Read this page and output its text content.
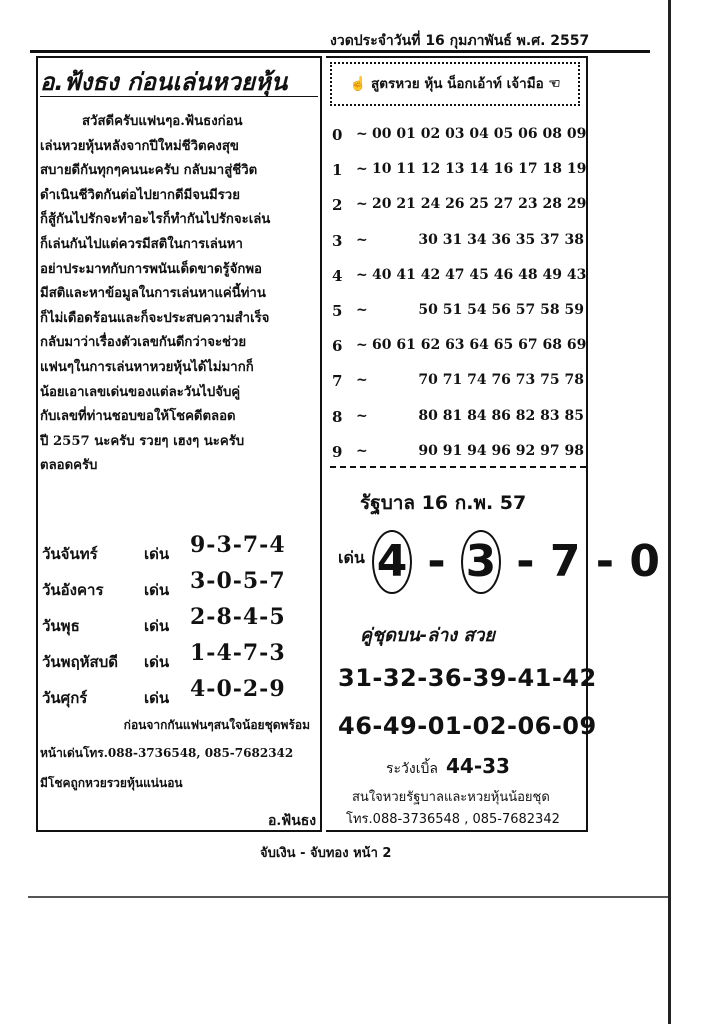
งวดประจำวันที่ 16 กุมภาพันธ์ พ.ศ. 2557
อ.ฟ้งธง ก่อนเล่นหวยหุ้น
สวัสดีครับแฟนๆอ.ฟ้นธงก่อน
เล่นหวยหุ้นหลังจากปีใหม่ชีวิตคงสุข
สบายดีกันทุกๆคนนะครับ กลับมาสู่ชีวิต
ดำเนินชีวิตกันต่อไปยากดีมีจนมีรวย
ก็สู้กันไปรักจะทำอะไรก็ทำกันไปรักจะเล่น
ก็เล่นกันไปแต่ควรมีสติในการเล่นหา
อย่าประมาทกับการพนันเด็ดขาดรู้จักพอ
มีสติและหาข้อมูลในการเล่นหาแค่นี้ท่าน
ก็ไม่เดือดร้อนและก็จะประสบความสำเร็จ
กลับมาว่าเรื่องตัวเลขกันดีกว่าจะช่วย
แฟนๆในการเล่นหาหวยหุ้นได้ไม่มากก็
น้อยเอาเลขเด่นของแต่ละวันไปจับคู่
กับเลขที่ท่านชอบขอให้โชคดีตลอด
ปี 2557 นะครับ รวยๆ เฮงๆ นะครับ
ตลอดครับ
วันจันทร์	เด่น 9-3-7-4
วันอังคาร	เด่น 3-0-5-7
วันพุธ	เด่น 2-8-4-5
วันพฤหัสบดี เด่น 1-4-7-3
วันศุกร์	เด่น 4-0-2-9
ก่อนจากกันแฟนๆสนใจน้อยชุดพร้อม
หน้าเด่นโทร.088-3736548, 085-7682342
มีโชคถูกหวยรวยหุ้นแน่นอน
อ.ฟ้นธง
☝ สูตรหวย หุ้น น็อกเอ้าท์ เจ้ามือ ☜
0 ~ 00 01 02 03 04 05 06 08 09
1 ~ 10 11 12 13 14 16 17 18 19
2 ~ 20 21 24 26 25 27 23 28 29
3 ~	30 31 34 36 35 37 38
4 ~ 40 41 42 47 45 46 48 49 43
5 ~	50 51 54 56 57 58 59
6 ~ 60 61 62 63 64 65 67 68 69
7 ~	70 71 74 76 73 75 78
8 ~	80 81 84 86 82 83 85
9 ~	90 91 94 96 92 97 98
รัฐบาล 16 ก.พ. 57
เด่น 4 - 3 - 7 - 0
คู่ชุดบน-ล่าง สวย
31-32-36-39-41-42
46-49-01-02-06-09
ระวังเบิ้ล 44-33
สนใจหวยรัฐบาลและหวยหุ้นน้อยชุด
โทร.088-3736548 , 085-7682342
จับเงิน - จับทอง หน้า 2
